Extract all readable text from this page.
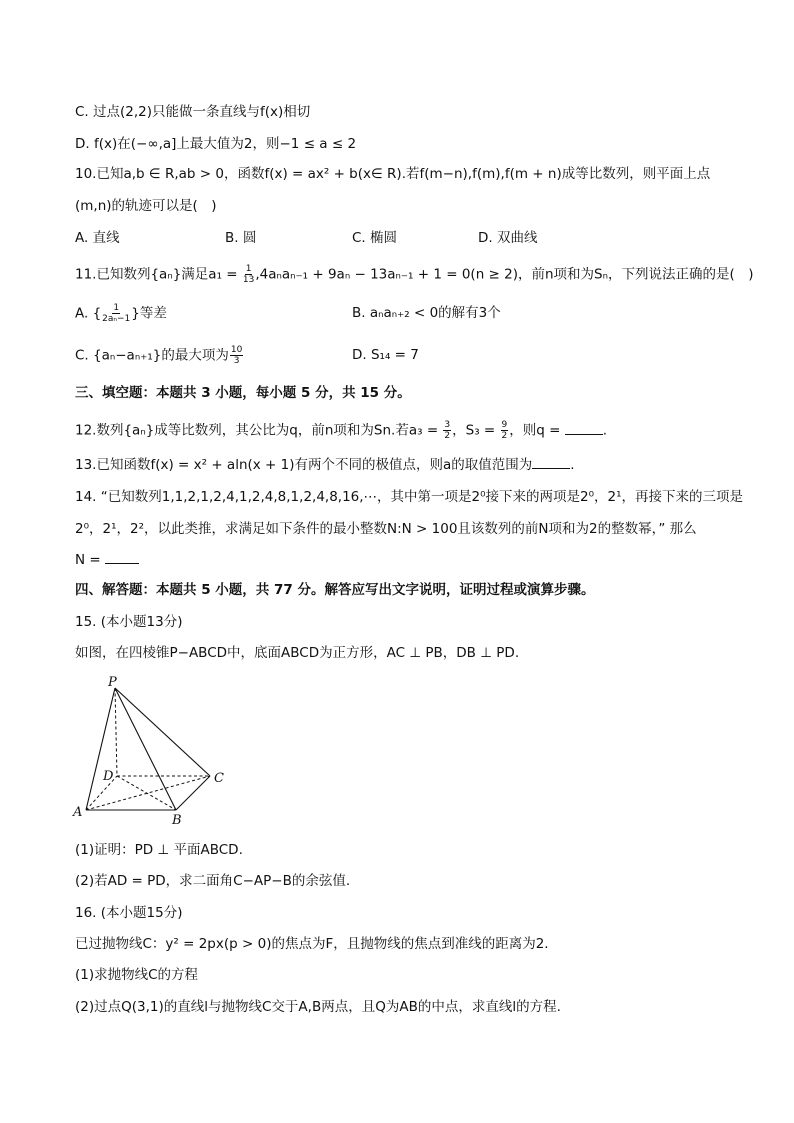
C. 过点(2,2)只能做一条直线与f(x)相切
D. f(x)在(−∞,a]上最大值为2，则−1 ≤ a ≤ 2
10.已知a,b ∈ R,ab > 0，函数f(x) = ax² + b(x∈ R).若f(m−n),f(m),f(m + n)成等比数列，则平面上点
(m,n)的轨迹可以是(　)
A. 直线	B. 圆	C. 椭圆	D. 双曲线
11.已知数列{aₙ}满足$a_1 = \frac{1}{13} ,4a_na_{n-1} + 9a_n - 13a_{n-1} + 1 = 0(n \ge 2)$，前n项和为Sₙ，下列说法正确的是(　)
A. { $\frac{1}{\text{2aₙ−1}}$ }等差	B. aₙaₙ₊₂ < 0的解有3个
C. {aₙ−aₙ₊₁}的最大项为 $\frac{10}{3}$	D. S₁₄ = 7
三、填空题：本题共 3 小题，每小题 5 分，共 15 分。
12.数列{aₙ}成等比数列，其公比为q，前n项和为Sn.若$a_3 = \frac{3}{2}$ ，$S_3 = \frac{9}{2}$ ，则q =	.
13.已知函数f(x) = x² + aln(x + 1)有两个不同的极值点，则a的取值范围为	.
14. “已知数列1,1,2,1,2,4,1,2,4,8,1,2,4,8,16,⋯，其中第一项是2⁰接下来的两项是2⁰，2¹，再接下来的三项是
2⁰，2¹，2²，以此类推，求满足如下条件的最小整数N:N > 100且该数列的前N项和为2的整数幂，” 那么
N =
四、解答题：本题共 5 小题，共 77 分。解答应写出文字说明，证明过程或演算步骤。
15. (本小题13分)
如图，在四棱锥P−ABCD中，底面ABCD为正方形，AC ⊥ PB，DB ⊥ PD.
P
D	C
A
B
(1)证明：PD ⊥ 平面ABCD.
(2)若AD = PD，求二面角C−AP−B的余弦值.
16. (本小题15分)
已过抛物线C：y² = 2px(p > 0)的焦点为F，且抛物线的焦点到准线的距离为2.
(1)求抛物线C的方程
(2)过点Q(3,1)的直线l与抛物线C交于A,B两点，且Q为AB的中点，求直线l的方程.
